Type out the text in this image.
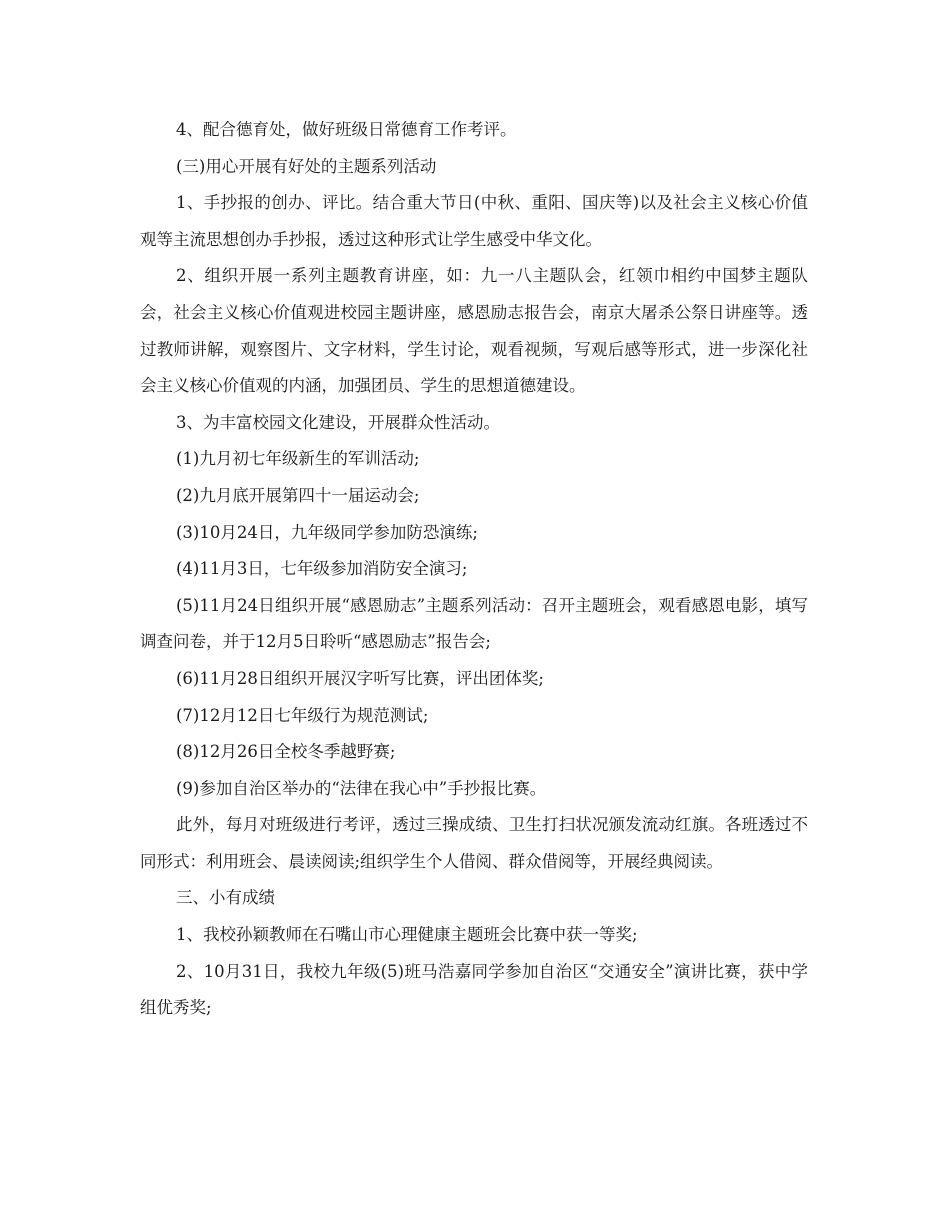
4、配合德育处，做好班级日常德育工作考评。

(三)用心开展有好处的主题系列活动

1、手抄报的创办、评比。结合重大节日(中秋、重阳、国庆等)以及社会主义核心价值观等主流思想创办手抄报，透过这种形式让学生感受中华文化。

2、组织开展一系列主题教育讲座，如：九一八主题队会，红领巾相约中国梦主题队会，社会主义核心价值观进校园主题讲座，感恩励志报告会，南京大屠杀公祭日讲座等。透过教师讲解，观察图片、文字材料，学生讨论，观看视频，写观后感等形式，进一步深化社会主义核心价值观的内涵，加强团员、学生的思想道德建设。

3、为丰富校园文化建设，开展群众性活动。

(1)九月初七年级新生的军训活动;

(2)九月底开展第四十一届运动会;

(3)10月24日，九年级同学参加防恐演练;

(4)11月3日，七年级参加消防安全演习;

(5)11月24日组织开展“感恩励志”主题系列活动：召开主题班会，观看感恩电影，填写调查问卷，并于12月5日聆听“感恩励志”报告会;

(6)11月28日组织开展汉字听写比赛，评出团体奖;

(7)12月12日七年级行为规范测试;

(8)12月26日全校冬季越野赛;

(9)参加自治区举办的“法律在我心中”手抄报比赛。

此外，每月对班级进行考评，透过三操成绩、卫生打扫状况颁发流动红旗。各班透过不同形式：利用班会、晨读阅读;组织学生个人借阅、群众借阅等，开展经典阅读。

三、小有成绩

1、我校孙颖教师在石嘴山市心理健康主题班会比赛中获一等奖;

2、10月31日，我校九年级(5)班马浩嘉同学参加自治区“交通安全”演讲比赛，获中学组优秀奖;
